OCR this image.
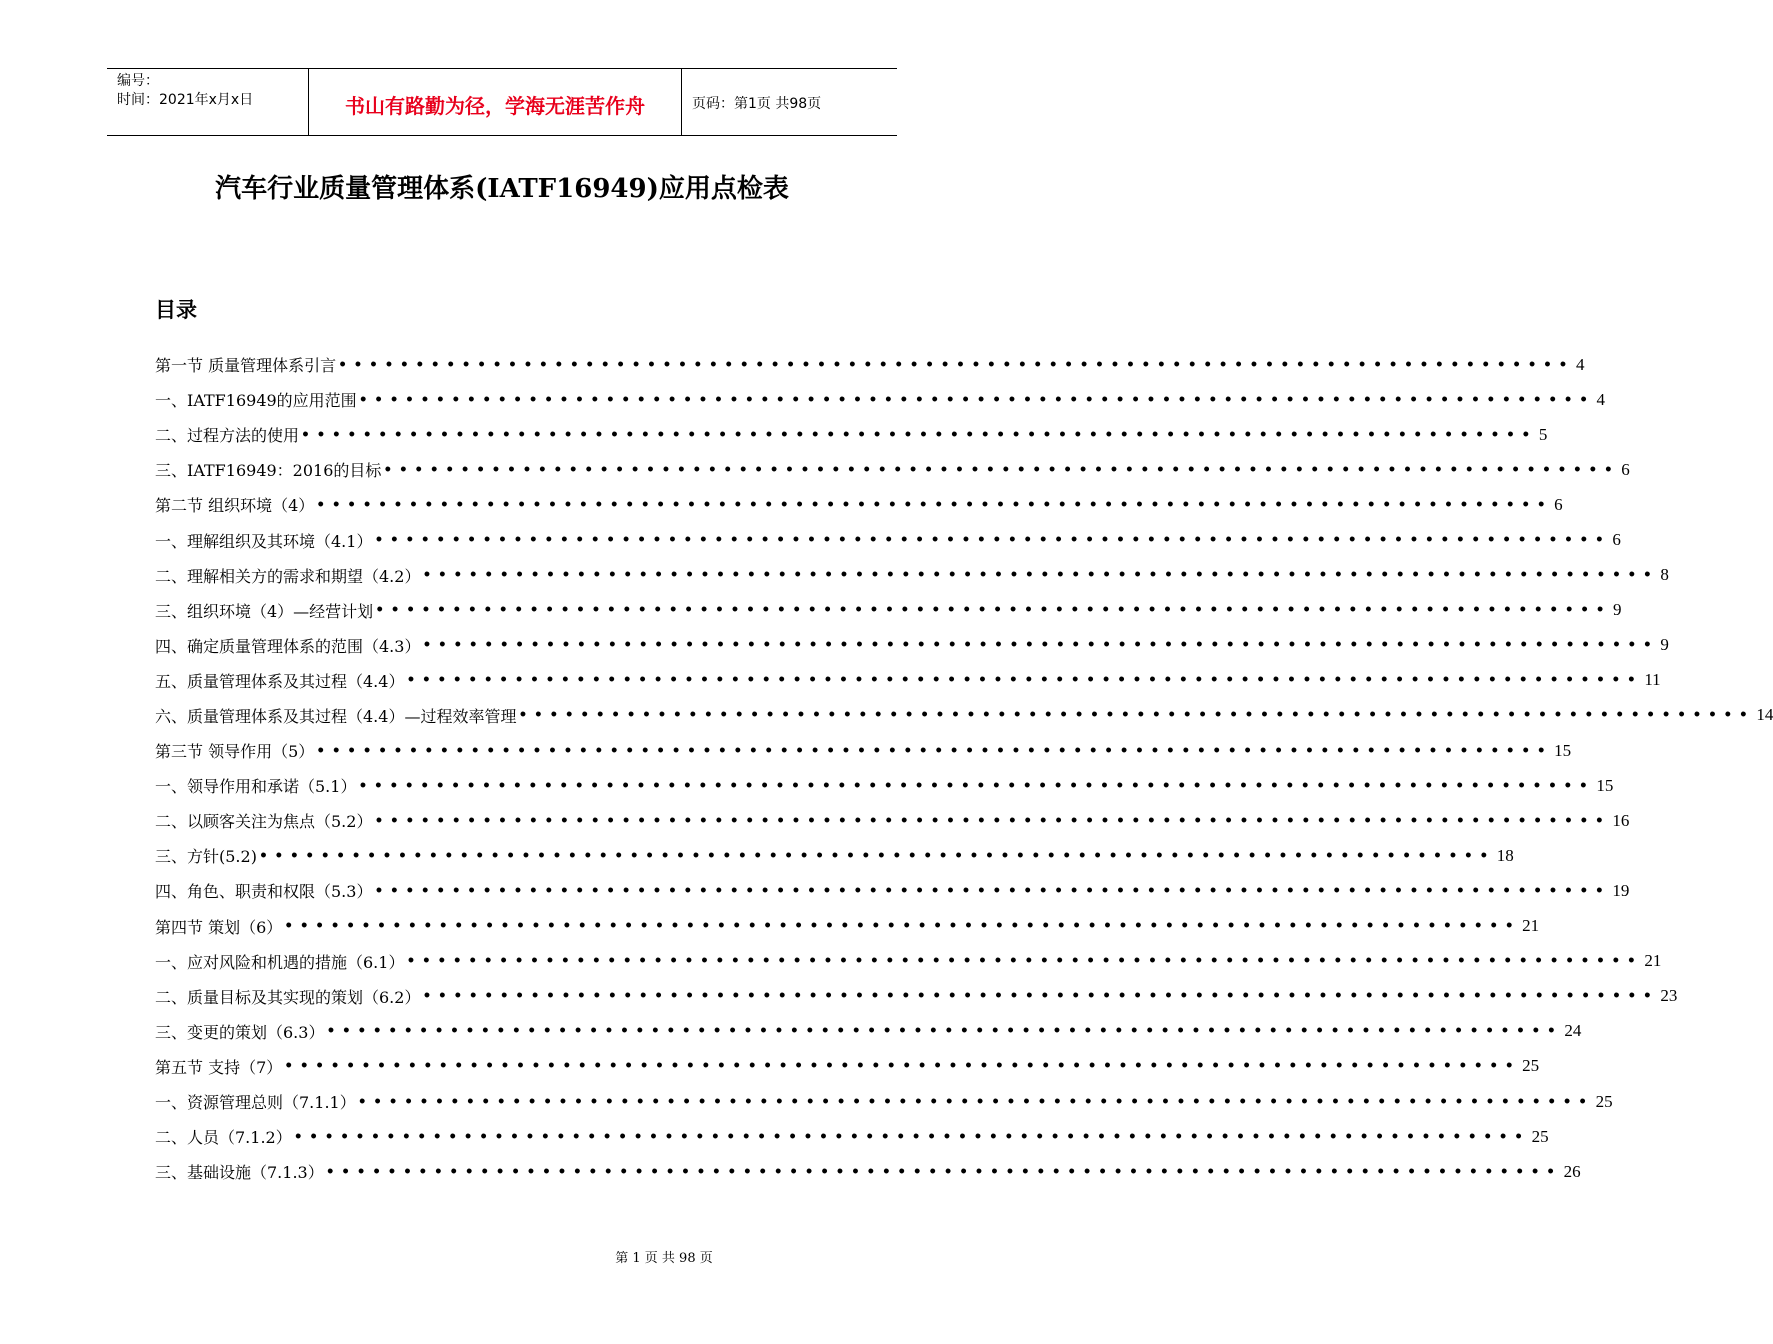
编号：
时间：2021年x月x日	书山有路勤为径，学海无涯苦作舟	页码：第1页 共98页
汽车行业质量管理体系(IATF16949)应用点检表
目录
第一节 质量管理体系引言 •••••••••••••••••••••••••••••••••••••••••••••••••••••••••••••••••••••••••••••••• 4
一、IATF16949的应用范围 •••••••••••••••••••••••••••••••••••••••••••••••••••••••••••••••••••••••••••••••• 4
二、过程方法的使用 •••••••••••••••••••••••••••••••••••••••••••••••••••••••••••••••••••••••••••••••• 5
三、IATF16949：2016的目标 •••••••••••••••••••••••••••••••••••••••••••••••••••••••••••••••••••••••••••••••• 6
第二节 组织环境（4） •••••••••••••••••••••••••••••••••••••••••••••••••••••••••••••••••••••••••••••••• 6
一、理解组织及其环境（4.1） •••••••••••••••••••••••••••••••••••••••••••••••••••••••••••••••••••••••••••••••• 6
二、理解相关方的需求和期望（4.2） •••••••••••••••••••••••••••••••••••••••••••••••••••••••••••••••••••••••••••••••• 8
三、组织环境（4）—经营计划 •••••••••••••••••••••••••••••••••••••••••••••••••••••••••••••••••••••••••••••••• 9
四、确定质量管理体系的范围（4.3） •••••••••••••••••••••••••••••••••••••••••••••••••••••••••••••••••••••••••••••••• 9
五、质量管理体系及其过程（4.4） •••••••••••••••••••••••••••••••••••••••••••••••••••••••••••••••••••••••••••••••• 11
六、质量管理体系及其过程（4.4）—过程效率管理 •••••••••••••••••••••••••••••••••••••••••••••••••••••••••••••••••••••••••••••••• 14
第三节 领导作用（5） •••••••••••••••••••••••••••••••••••••••••••••••••••••••••••••••••••••••••••••••• 15
一、领导作用和承诺（5.1） •••••••••••••••••••••••••••••••••••••••••••••••••••••••••••••••••••••••••••••••• 15
二、以顾客关注为焦点（5.2） •••••••••••••••••••••••••••••••••••••••••••••••••••••••••••••••••••••••••••••••• 16
三、方针(5.2) •••••••••••••••••••••••••••••••••••••••••••••••••••••••••••••••••••••••••••••••• 18
四、角色、职责和权限（5.3） •••••••••••••••••••••••••••••••••••••••••••••••••••••••••••••••••••••••••••••••• 19
第四节 策划（6） •••••••••••••••••••••••••••••••••••••••••••••••••••••••••••••••••••••••••••••••• 21
一、应对风险和机遇的措施（6.1） •••••••••••••••••••••••••••••••••••••••••••••••••••••••••••••••••••••••••••••••• 21
二、质量目标及其实现的策划（6.2） •••••••••••••••••••••••••••••••••••••••••••••••••••••••••••••••••••••••••••••••• 23
三、变更的策划（6.3） •••••••••••••••••••••••••••••••••••••••••••••••••••••••••••••••••••••••••••••••• 24
第五节 支持（7） •••••••••••••••••••••••••••••••••••••••••••••••••••••••••••••••••••••••••••••••• 25
一、资源管理总则（7.1.1） •••••••••••••••••••••••••••••••••••••••••••••••••••••••••••••••••••••••••••••••• 25
二、人员（7.1.2） •••••••••••••••••••••••••••••••••••••••••••••••••••••••••••••••••••••••••••••••• 25
三、基础设施（7.1.3） •••••••••••••••••••••••••••••••••••••••••••••••••••••••••••••••••••••••••••••••• 26
第 1 页 共 98 页
